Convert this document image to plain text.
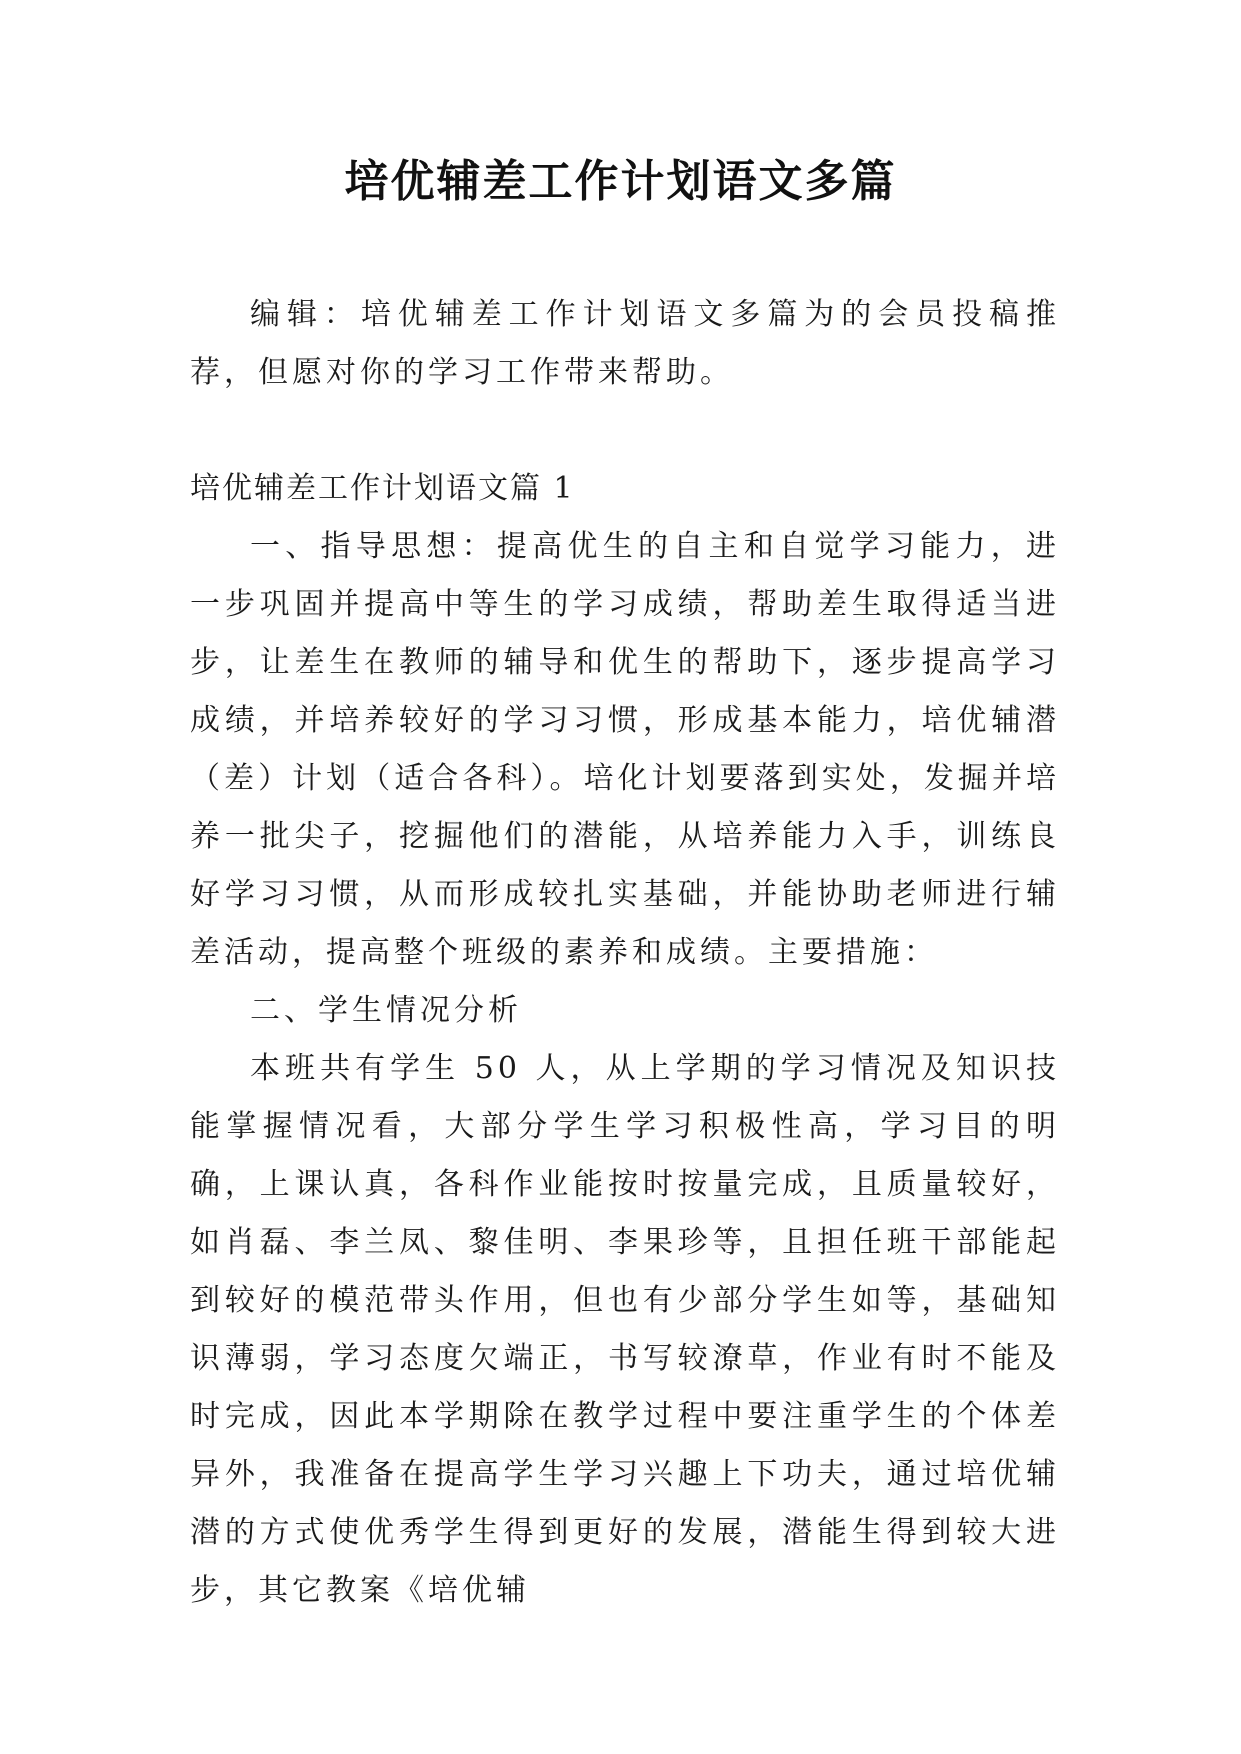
培优辅差工作计划语文多篇

编辑：培优辅差工作计划语文多篇为的会员投稿推荐，但愿对你的学习工作带来帮助。

培优辅差工作计划语文篇 1

一、指导思想：提高优生的自主和自觉学习能力，进一步巩固并提高中等生的学习成绩，帮助差生取得适当进步，让差生在教师的辅导和优生的帮助下，逐步提高学习成绩，并培养较好的学习习惯，形成基本能力，培优辅潜（差）计划（适合各科）。培化计划要落到实处，发掘并培养一批尖子，挖掘他们的潜能，从培养能力入手，训练良好学习习惯，从而形成较扎实基础，并能协助老师进行辅差活动，提高整个班级的素养和成绩。主要措施：

二、学生情况分析

本班共有学生 50 人，从上学期的学习情况及知识技能掌握情况看，大部分学生学习积极性高，学习目的明确，上课认真，各科作业能按时按量完成，且质量较好，如肖磊、李兰凤、黎佳明、李果珍等，且担任班干部能起到较好的模范带头作用，但也有少部分学生如等，基础知识薄弱，学习态度欠端正，书写较潦草，作业有时不能及时完成，因此本学期除在教学过程中要注重学生的个体差异外，我准备在提高学生学习兴趣上下功夫，通过培优辅潜的方式使优秀学生得到更好的发展，潜能生得到较大进步，其它教案《培优辅
